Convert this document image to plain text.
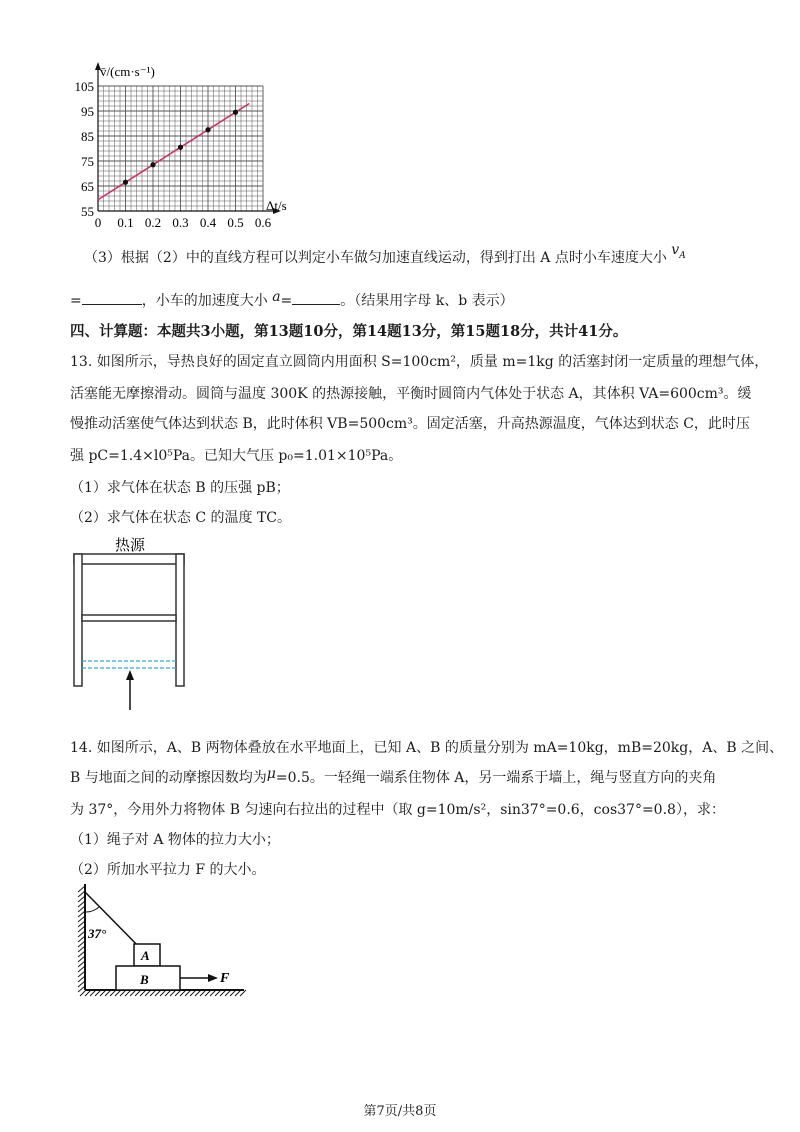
105
95
85
75
65
55
0 0.1 0.2 0.3 0.4 0.5 0.6
v̄/(cm·s⁻¹)
Δt/s
（3）根据（2）中的直线方程可以判定小车做匀加速直线运动，得到打出 A 点时小车速度大小 $v_A$
=	，小车的加速度大小 a=	。（结果用字母 k、b 表示）
四、计算题：本题共3小题，第13题10分，第14题13分，第15题18分，共计41分。
13. 如图所示，导热良好的固定直立圆筒内用面积 S=100cm²，质量 m=1kg 的活塞封闭一定质量的理想气体，
活塞能无摩擦滑动。圆筒与温度 300K 的热源接触，平衡时圆筒内气体处于状态 A，其体积 VA=600cm³。缓
慢推动活塞使气体达到状态 B，此时体积 VB=500cm³。固定活塞，升高热源温度，气体达到状态 C，此时压
强 pC=1.4×l0⁵Pa。已知大气压 p₀=1.01×10⁵Pa。
（1）求气体在状态 B 的压强 pB；
（2）求气体在状态 C 的温度 TC。
热源
14. 如图所示，A、B 两物体叠放在水平地面上，已知 A、B 的质量分别为 mA=10kg，mB=20kg，A、B 之间、
B 与地面之间的动摩擦因数均为μ=0.5。一轻绳一端系住物体 A，另一端系于墙上，绳与竖直方向的夹角
为 37°，今用外力将物体 B 匀速向右拉出的过程中（取 g=10m/s²，sin37°=0.6，cos37°=0.8），求：
（1）绳子对 A 物体的拉力大小；
（2）所加水平拉力 F 的大小。
37°
A
B	F
第7页/共8页
